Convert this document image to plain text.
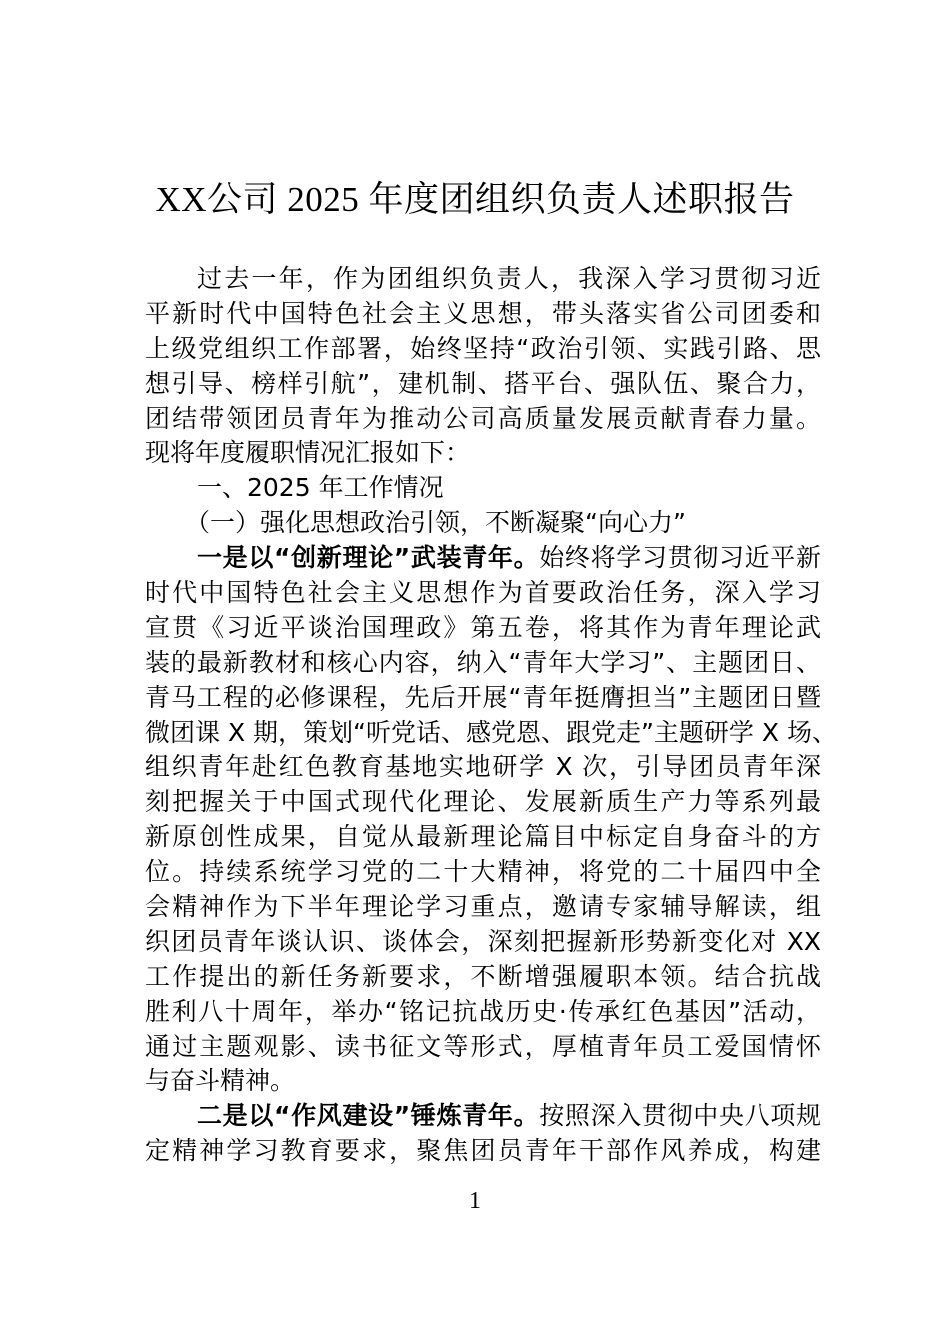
XX公司 2025 年度团组织负责人述职报告
过去一年，作为团组织负责人，我深入学习贯彻习近
平新时代中国特色社会主义思想，带头落实省公司团委和
上级党组织工作部署，始终坚持“政治引领、实践引路、思
想引导、榜样引航”，建机制、搭平台、强队伍、聚合力，
团结带领团员青年为推动公司高质量发展贡献青春力量。
现将年度履职情况汇报如下：
一、2025 年工作情况
（一）强化思想政治引领，不断凝聚“向心力”
一是以“创新理论”武装青年。始终将学习贯彻习近平新
时代中国特色社会主义思想作为首要政治任务，深入学习
宣贯《习近平谈治国理政》第五卷，将其作为青年理论武
装的最新教材和核心内容，纳入“青年大学习”、主题团日、
青马工程的必修课程，先后开展“青年挺膺担当”主题团日暨
微团课 X 期，策划“听党话、感党恩、跟党走”主题研学 X 场、
组织青年赴红色教育基地实地研学 X 次，引导团员青年深
刻把握关于中国式现代化理论、发展新质生产力等系列最
新原创性成果，自觉从最新理论篇目中标定自身奋斗的方
位。持续系统学习党的二十大精神，将党的二十届四中全
会精神作为下半年理论学习重点，邀请专家辅导解读，组
织团员青年谈认识、谈体会，深刻把握新形势新变化对 XX
工作提出的新任务新要求，不断增强履职本领。结合抗战
胜利八十周年，举办“铭记抗战历史·传承红色基因”活动，
通过主题观影、读书征文等形式，厚植青年员工爱国情怀
与奋斗精神。
二是以“作风建设”锤炼青年。按照深入贯彻中央八项规
定精神学习教育要求，聚焦团员青年干部作风养成，构建
1
